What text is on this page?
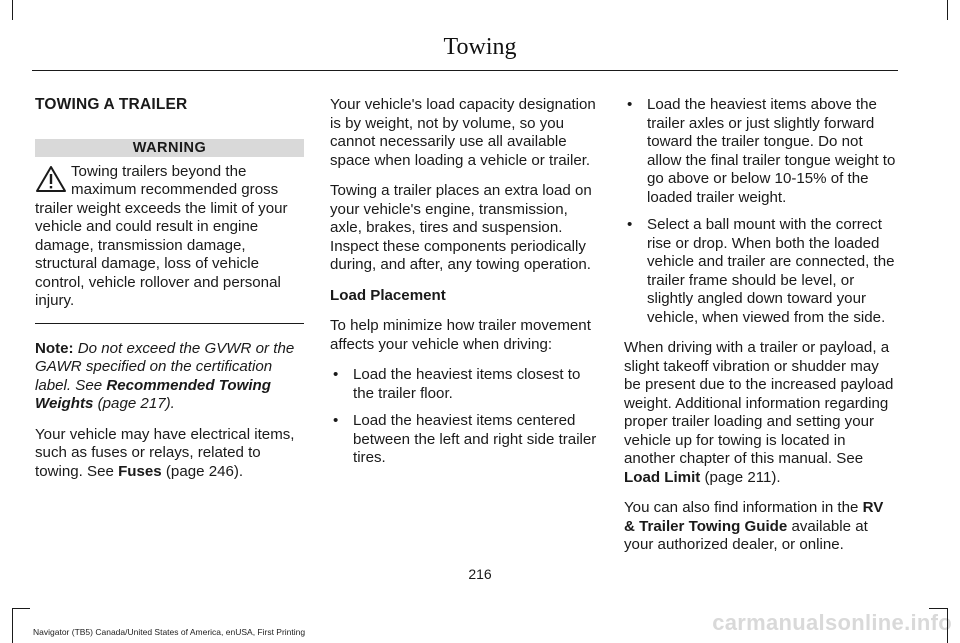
Towing
TOWING A TRAILER
WARNING

Towing trailers beyond the maximum recommended gross trailer weight exceeds the limit of your vehicle and could result in engine damage, transmission damage, structural damage, loss of vehicle control, vehicle rollover and personal injury.

Note: Do not exceed the GVWR or the GAWR specified on the certification label. See Recommended Towing Weights (page 217).

Your vehicle may have electrical items, such as fuses or relays, related to towing. See Fuses (page 246).

Your vehicle's load capacity designation is by weight, not by volume, so you cannot necessarily use all available space when loading a vehicle or trailer.

Towing a trailer places an extra load on your vehicle's engine, transmission, axle, brakes, tires and suspension. Inspect these components periodically during, and after, any towing operation.

Load Placement

To help minimize how trailer movement affects your vehicle when driving:

• Load the heaviest items closest to the trailer floor.
• Load the heaviest items centered between the left and right side trailer tires.
• Load the heaviest items above the trailer axles or just slightly forward toward the trailer tongue. Do not allow the final trailer tongue weight to go above or below 10-15% of the loaded trailer weight.
• Select a ball mount with the correct rise or drop. When both the loaded vehicle and trailer are connected, the trailer frame should be level, or slightly angled down toward your vehicle, when viewed from the side.

When driving with a trailer or payload, a slight takeoff vibration or shudder may be present due to the increased payload weight. Additional information regarding proper trailer loading and setting your vehicle up for towing is located in another chapter of this manual. See Load Limit (page 211).

You can also find information in the RV & Trailer Towing Guide available at your authorized dealer, or online.

216
Navigator (TB5) Canada/United States of America, enUSA, First Printing	carmanualsonline.info
